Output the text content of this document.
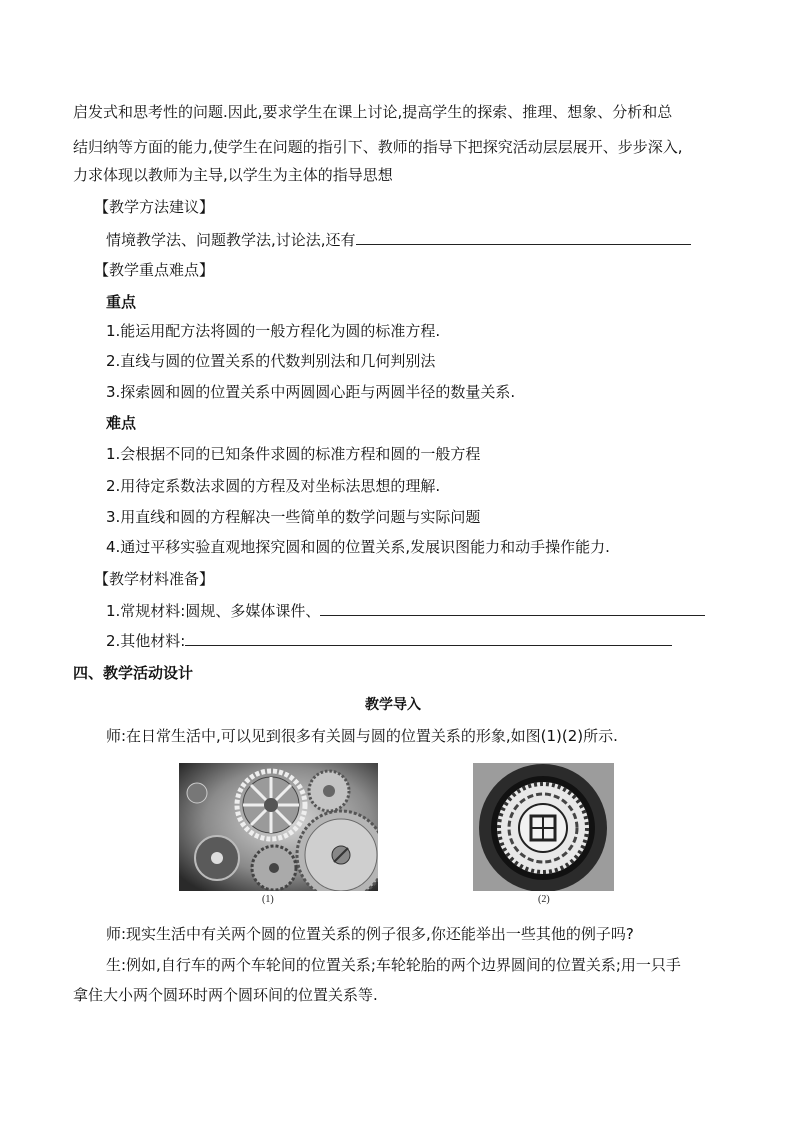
启发式和思考性的问题.因此,要求学生在课上讨论,提高学生的探索、推理、想象、分析和总
结归纳等方面的能力,使学生在问题的指引下、教师的指导下把探究活动层层展开、步步深入,
力求体现以教师为主导,以学生为主体的指导思想
【教学方法建议】
情境教学法、问题教学法,讨论法,还有
【教学重点难点】
重点
1.能运用配方法将圆的一般方程化为圆的标准方程.
2.直线与圆的位置关系的代数判别法和几何判别法
3.探索圆和圆的位置关系中两圆圆心距与两圆半径的数量关系.
难点
1.会根据不同的已知条件求圆的标准方程和圆的一般方程
2.用待定系数法求圆的方程及对坐标法思想的理解.
3.用直线和圆的方程解决一些简单的数学问题与实际问题
4.通过平移实验直观地探究圆和圆的位置关系,发展识图能力和动手操作能力.
【教学材料准备】
1.常规材料:圆规、多媒体课件、
2.其他材料:
四、教学活动设计
教学导入
师:在日常生活中,可以见到很多有关圆与圆的位置关系的形象,如图(1)(2)所示.
(1)	(2)
师:现实生活中有关两个圆的位置关系的例子很多,你还能举出一些其他的例子吗?
生:例如,自行车的两个车轮间的位置关系;车轮轮胎的两个边界圆间的位置关系;用一只手
拿住大小两个圆环时两个圆环间的位置关系等.
